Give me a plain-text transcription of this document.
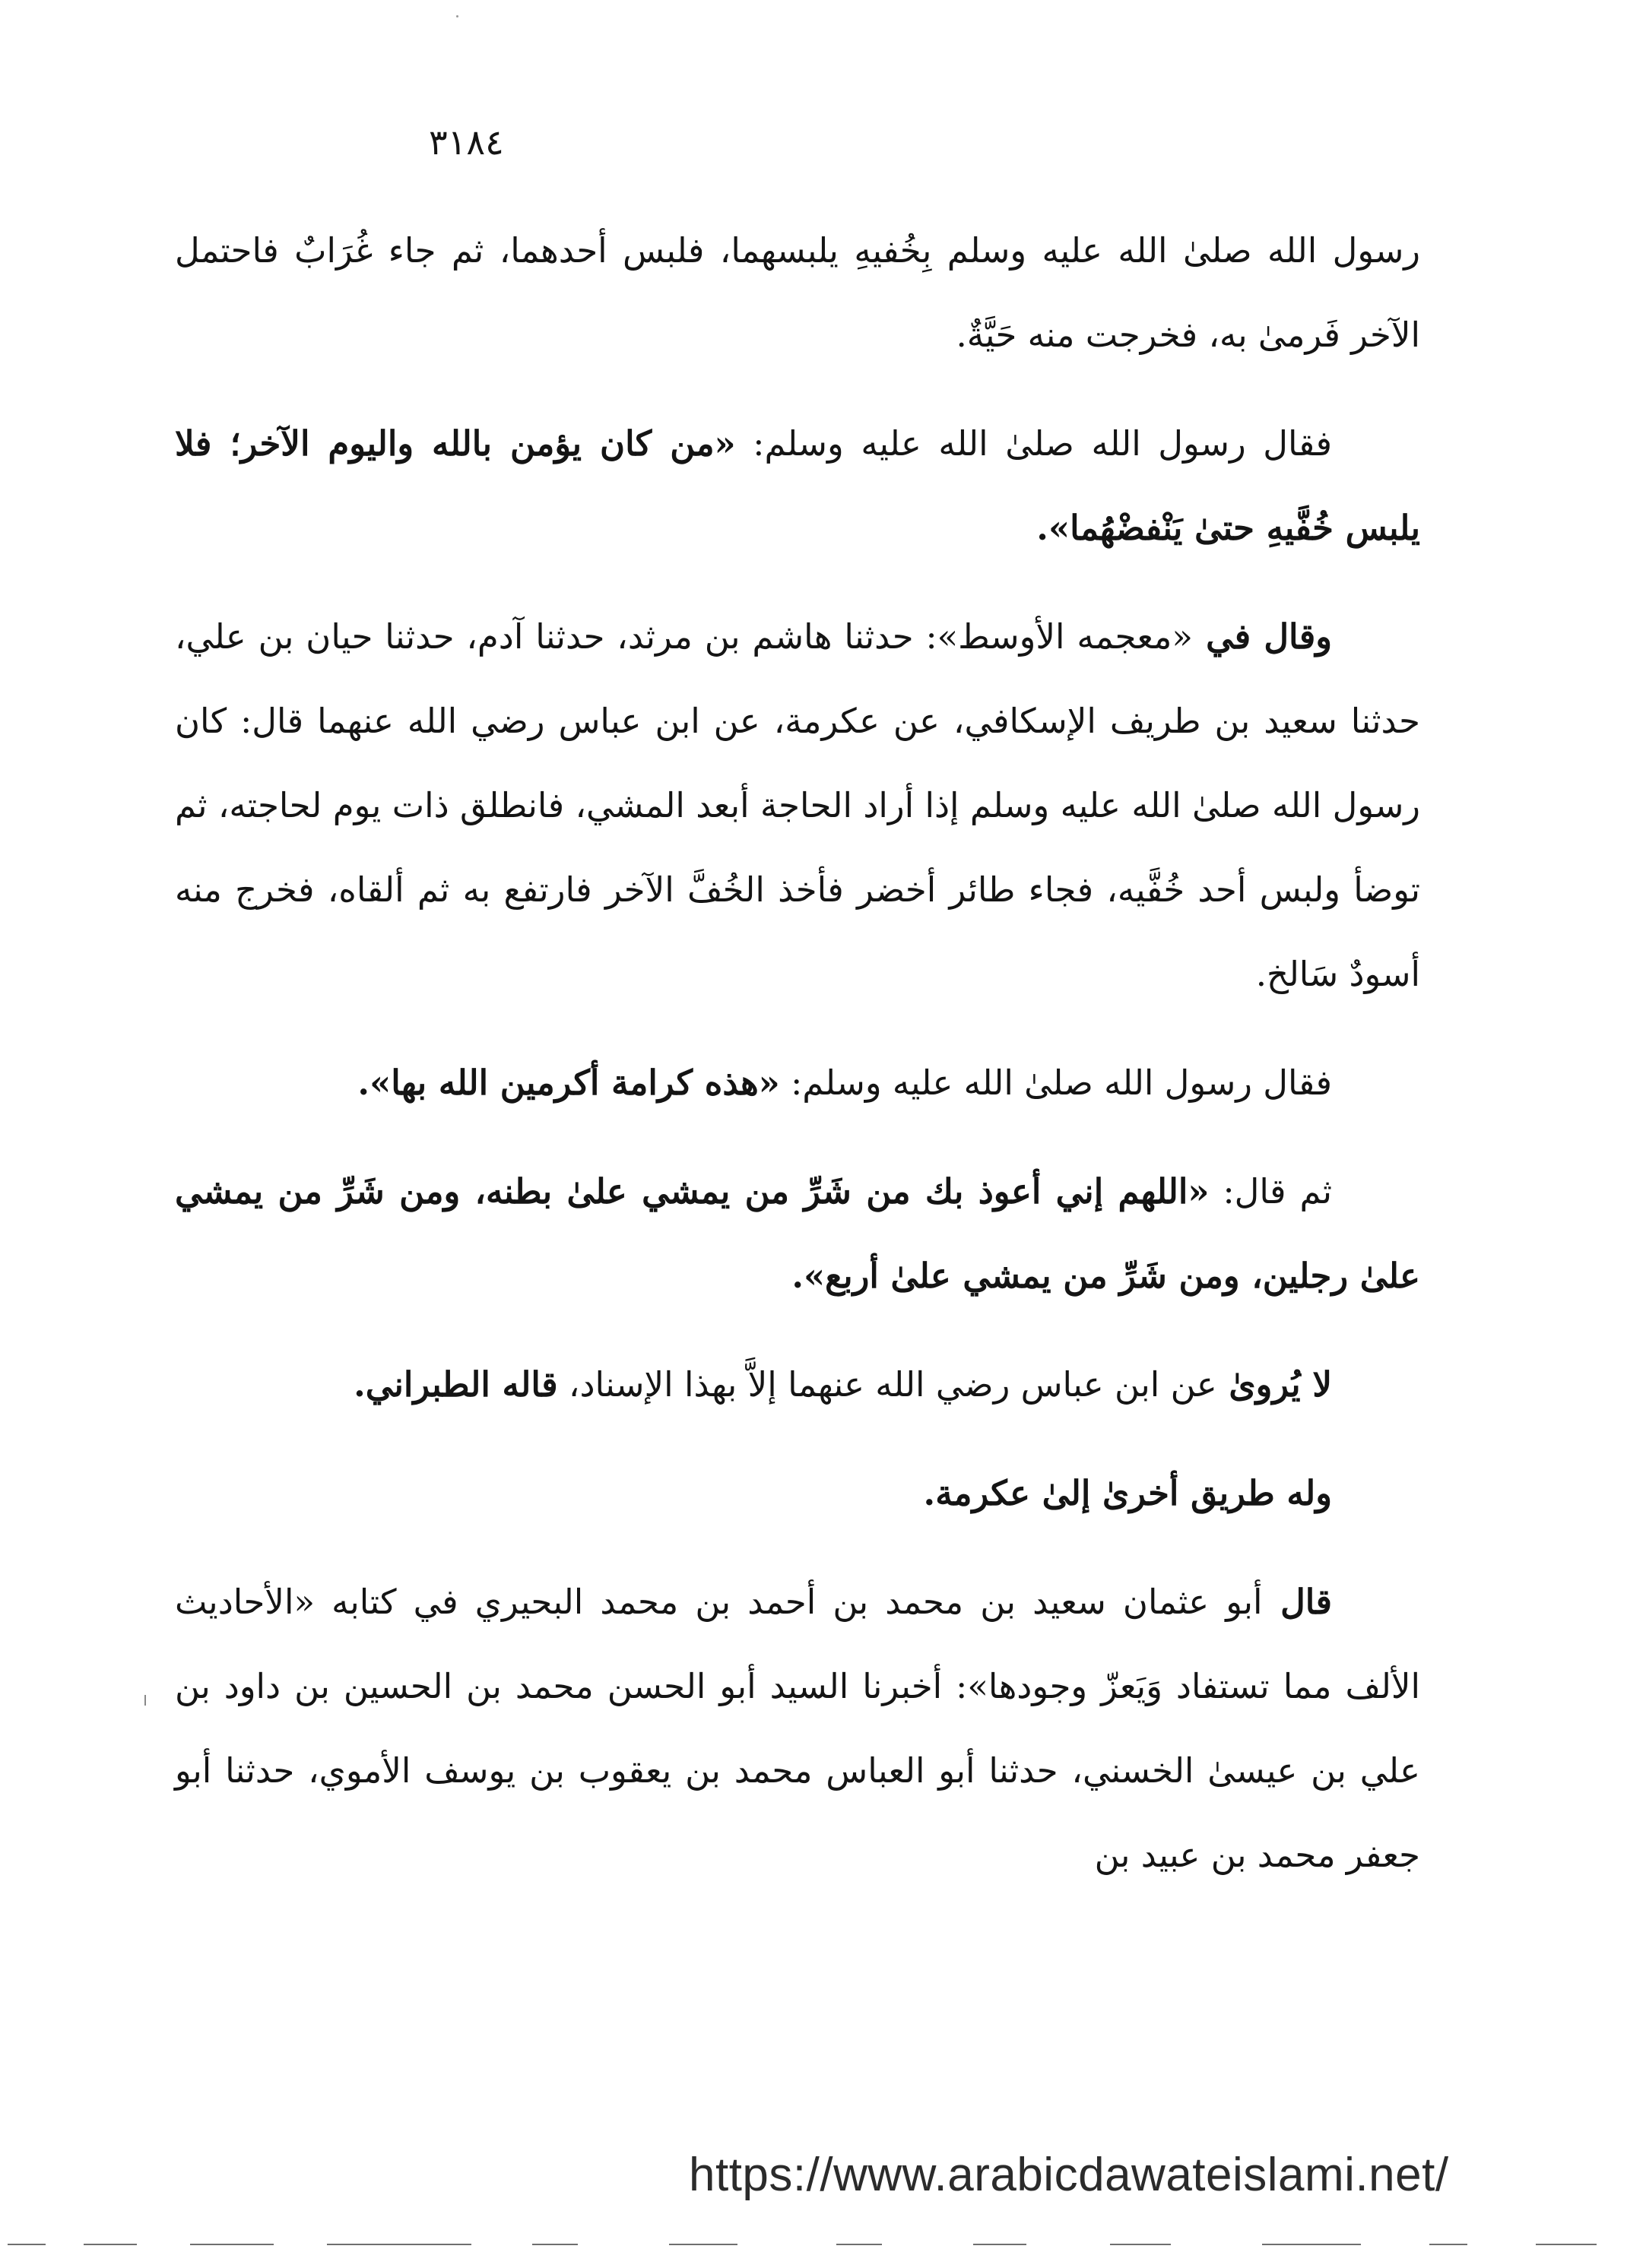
٣١٨٤

رسول الله صلىٰ الله عليه وسلم بِخُفيهِ يلبسهما، فلبس أحدهما، ثم جاء غُرَابٌ فاحتمل الآخر فَرمىٰ به، فخرجت منه حَيَّةٌ.

فقال رسول الله صلىٰ الله عليه وسلم: «من كان يؤمن بالله واليوم الآخر؛ فلا يلبس خُفَّيهِ حتىٰ يَنْفضْهُما».

وقال في «معجمه الأوسط»: حدثنا هاشم بن مرثد، حدثنا آدم، حدثنا حيان بن علي، حدثنا سعيد بن طريف الإسكافي، عن عكرمة، عن ابن عباس رضي الله عنهما قال: كان رسول الله صلىٰ الله عليه وسلم إذا أراد الحاجة أبعد المشي، فانطلق ذات يوم لحاجته، ثم توضأ ولبس أحد خُفَّيه، فجاء طائر أخضر فأخذ الخُفَّ الآخر فارتفع به ثم ألقاه، فخرج منه أسودٌ سَالخ.

فقال رسول الله صلىٰ الله عليه وسلم: «هذه كرامة أكرمين الله بها».

ثم قال: «اللهم إني أعوذ بك من شَرِّ من يمشي علىٰ بطنه، ومن شَرِّ من يمشي علىٰ رجلين، ومن شَرِّ من يمشي علىٰ أربع».

لا يُروىٰ عن ابن عباس رضي الله عنهما إلاَّ بهذا الإسناد، قاله الطبراني.

وله طريق أخرىٰ إلىٰ عكرمة.

قال أبو عثمان سعيد بن محمد بن أحمد بن محمد البحيري في كتابه «الأحاديث الألف مما تستفاد وَيَعزّ وجودها»: أخبرنا السيد أبو الحسن محمد بن الحسين بن داود بن علي بن عيسىٰ الخسني، حدثنا أبو العباس محمد بن يعقوب بن يوسف الأموي، حدثنا أبو جعفر محمد بن عبيد بن

https://www.arabicdawateislami.net/
